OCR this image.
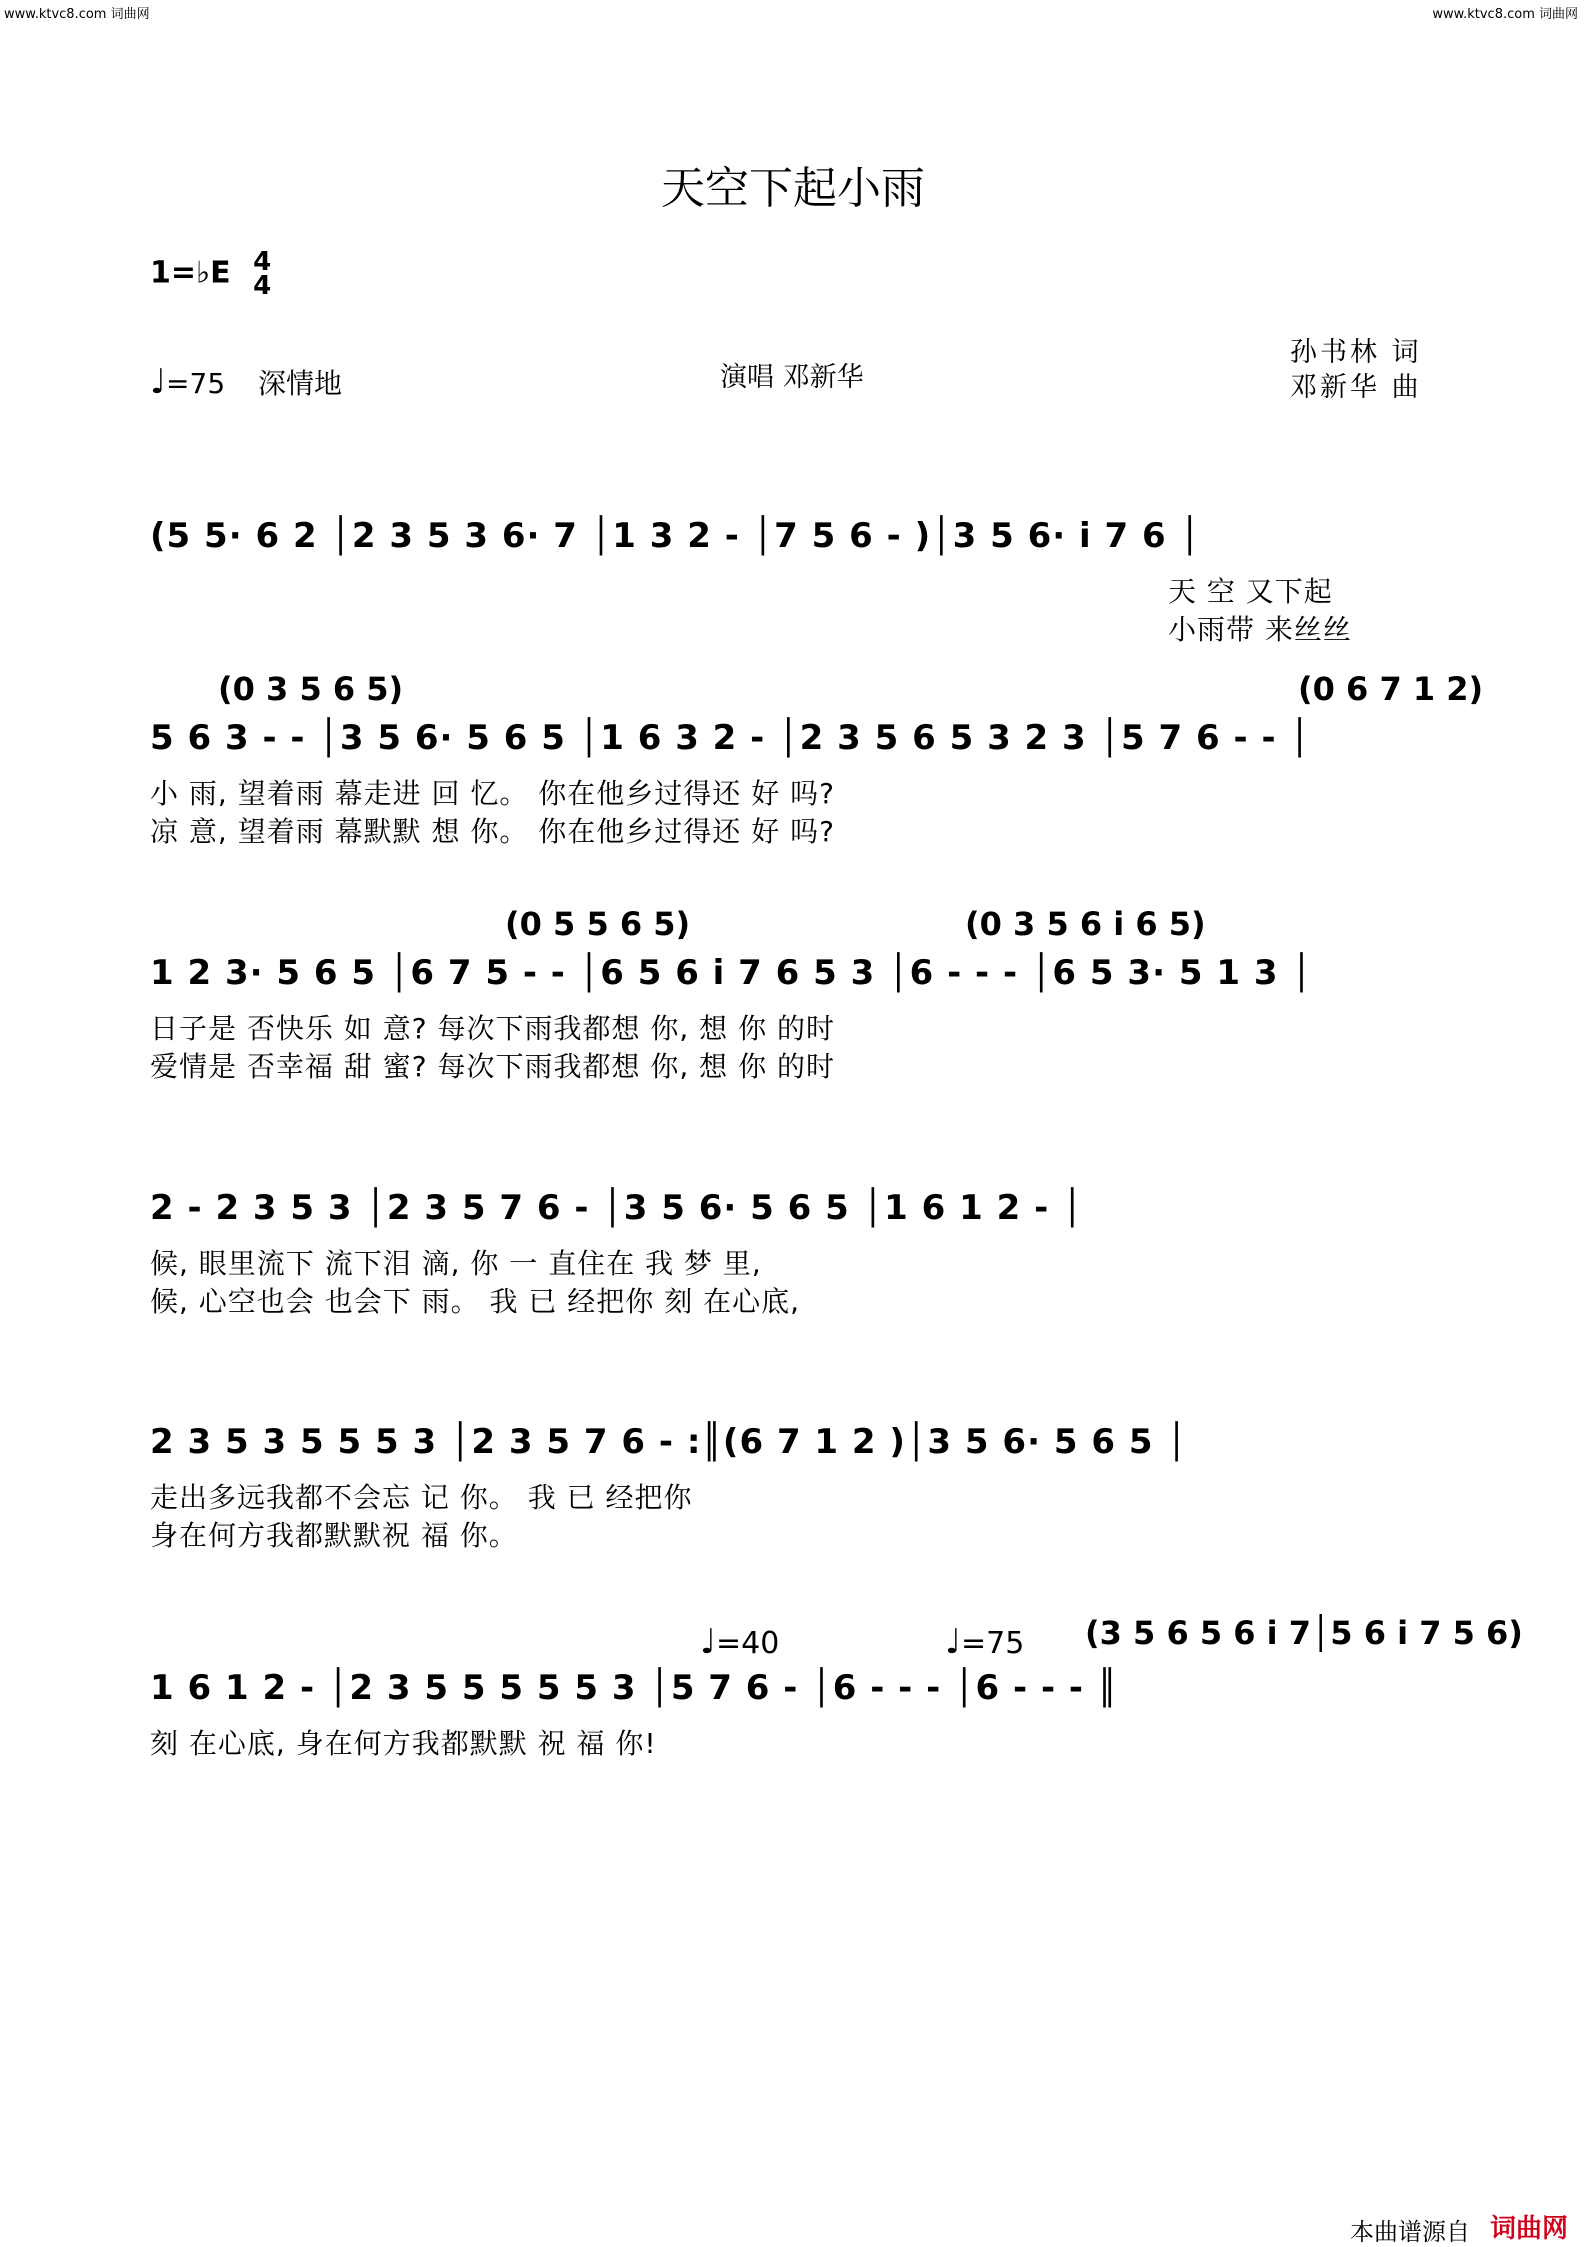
www.ktvc8.com 词曲网	www.ktvc8.com 词曲网
天空下起小雨
1=♭E 4
4
♩=75 深情地	演唱 邓新华
孙书林 词
邓新华 曲
(5 5· 6 2 │2 3 5 3 6· 7 │1 3 2 - │7 5 6 - )│3 5 6· i 7 6 │
天 空 又下起
小雨带 来丝丝
(0 3 5 6 5)	(0 6 7 1 2)
5 6 3 - - │3 5 6· 5 6 5 │1 6 3 2 - │2 3 5 6 5 3 2 3 │5 7 6 - - │
小 雨, 望着雨 幕走进 回 忆。 你在他乡过得还 好 吗?
凉 意, 望着雨 幕默默 想 你。 你在他乡过得还 好 吗?
(0 5 5 6 5)	(0 3 5 6 i 6 5)
1 2 3· 5 6 5 │6 7 5 - - │6 5 6 i 7 6 5 3 │6 - - - │6 5 3· 5 1 3 │
日子是 否快乐 如 意? 每次下雨我都想 你, 想 你 的时
爱情是 否幸福 甜 蜜? 每次下雨我都想 你, 想 你 的时
2 - 2 3 5 3 │2 3 5 7 6 - │3 5 6· 5 6 5 │1 6 1 2 - │
候, 眼里流下 流下泪 滴, 你 一 直住在 我 梦 里,
候, 心空也会 也会下 雨。 我 已 经把你 刻 在心底,
2 3 5 3 5 5 5 3 │2 3 5 7 6 - :║(6 7 1 2 )│3 5 6· 5 6 5 │
走出多远我都不会忘 记 你。 我 已 经把你
身在何方我都默默祝 福 你。
♩=40	♩=75 (3 5 6 5 6 i 7│5 6 i 7 5 6)
1 6 1 2 - │2 3 5 5 5 5 5 3 │5 7 6 - │6 - - - │6 - - - ║
刻 在心底, 身在何方我都默默 祝 福 你!
本曲谱源自 词曲网
